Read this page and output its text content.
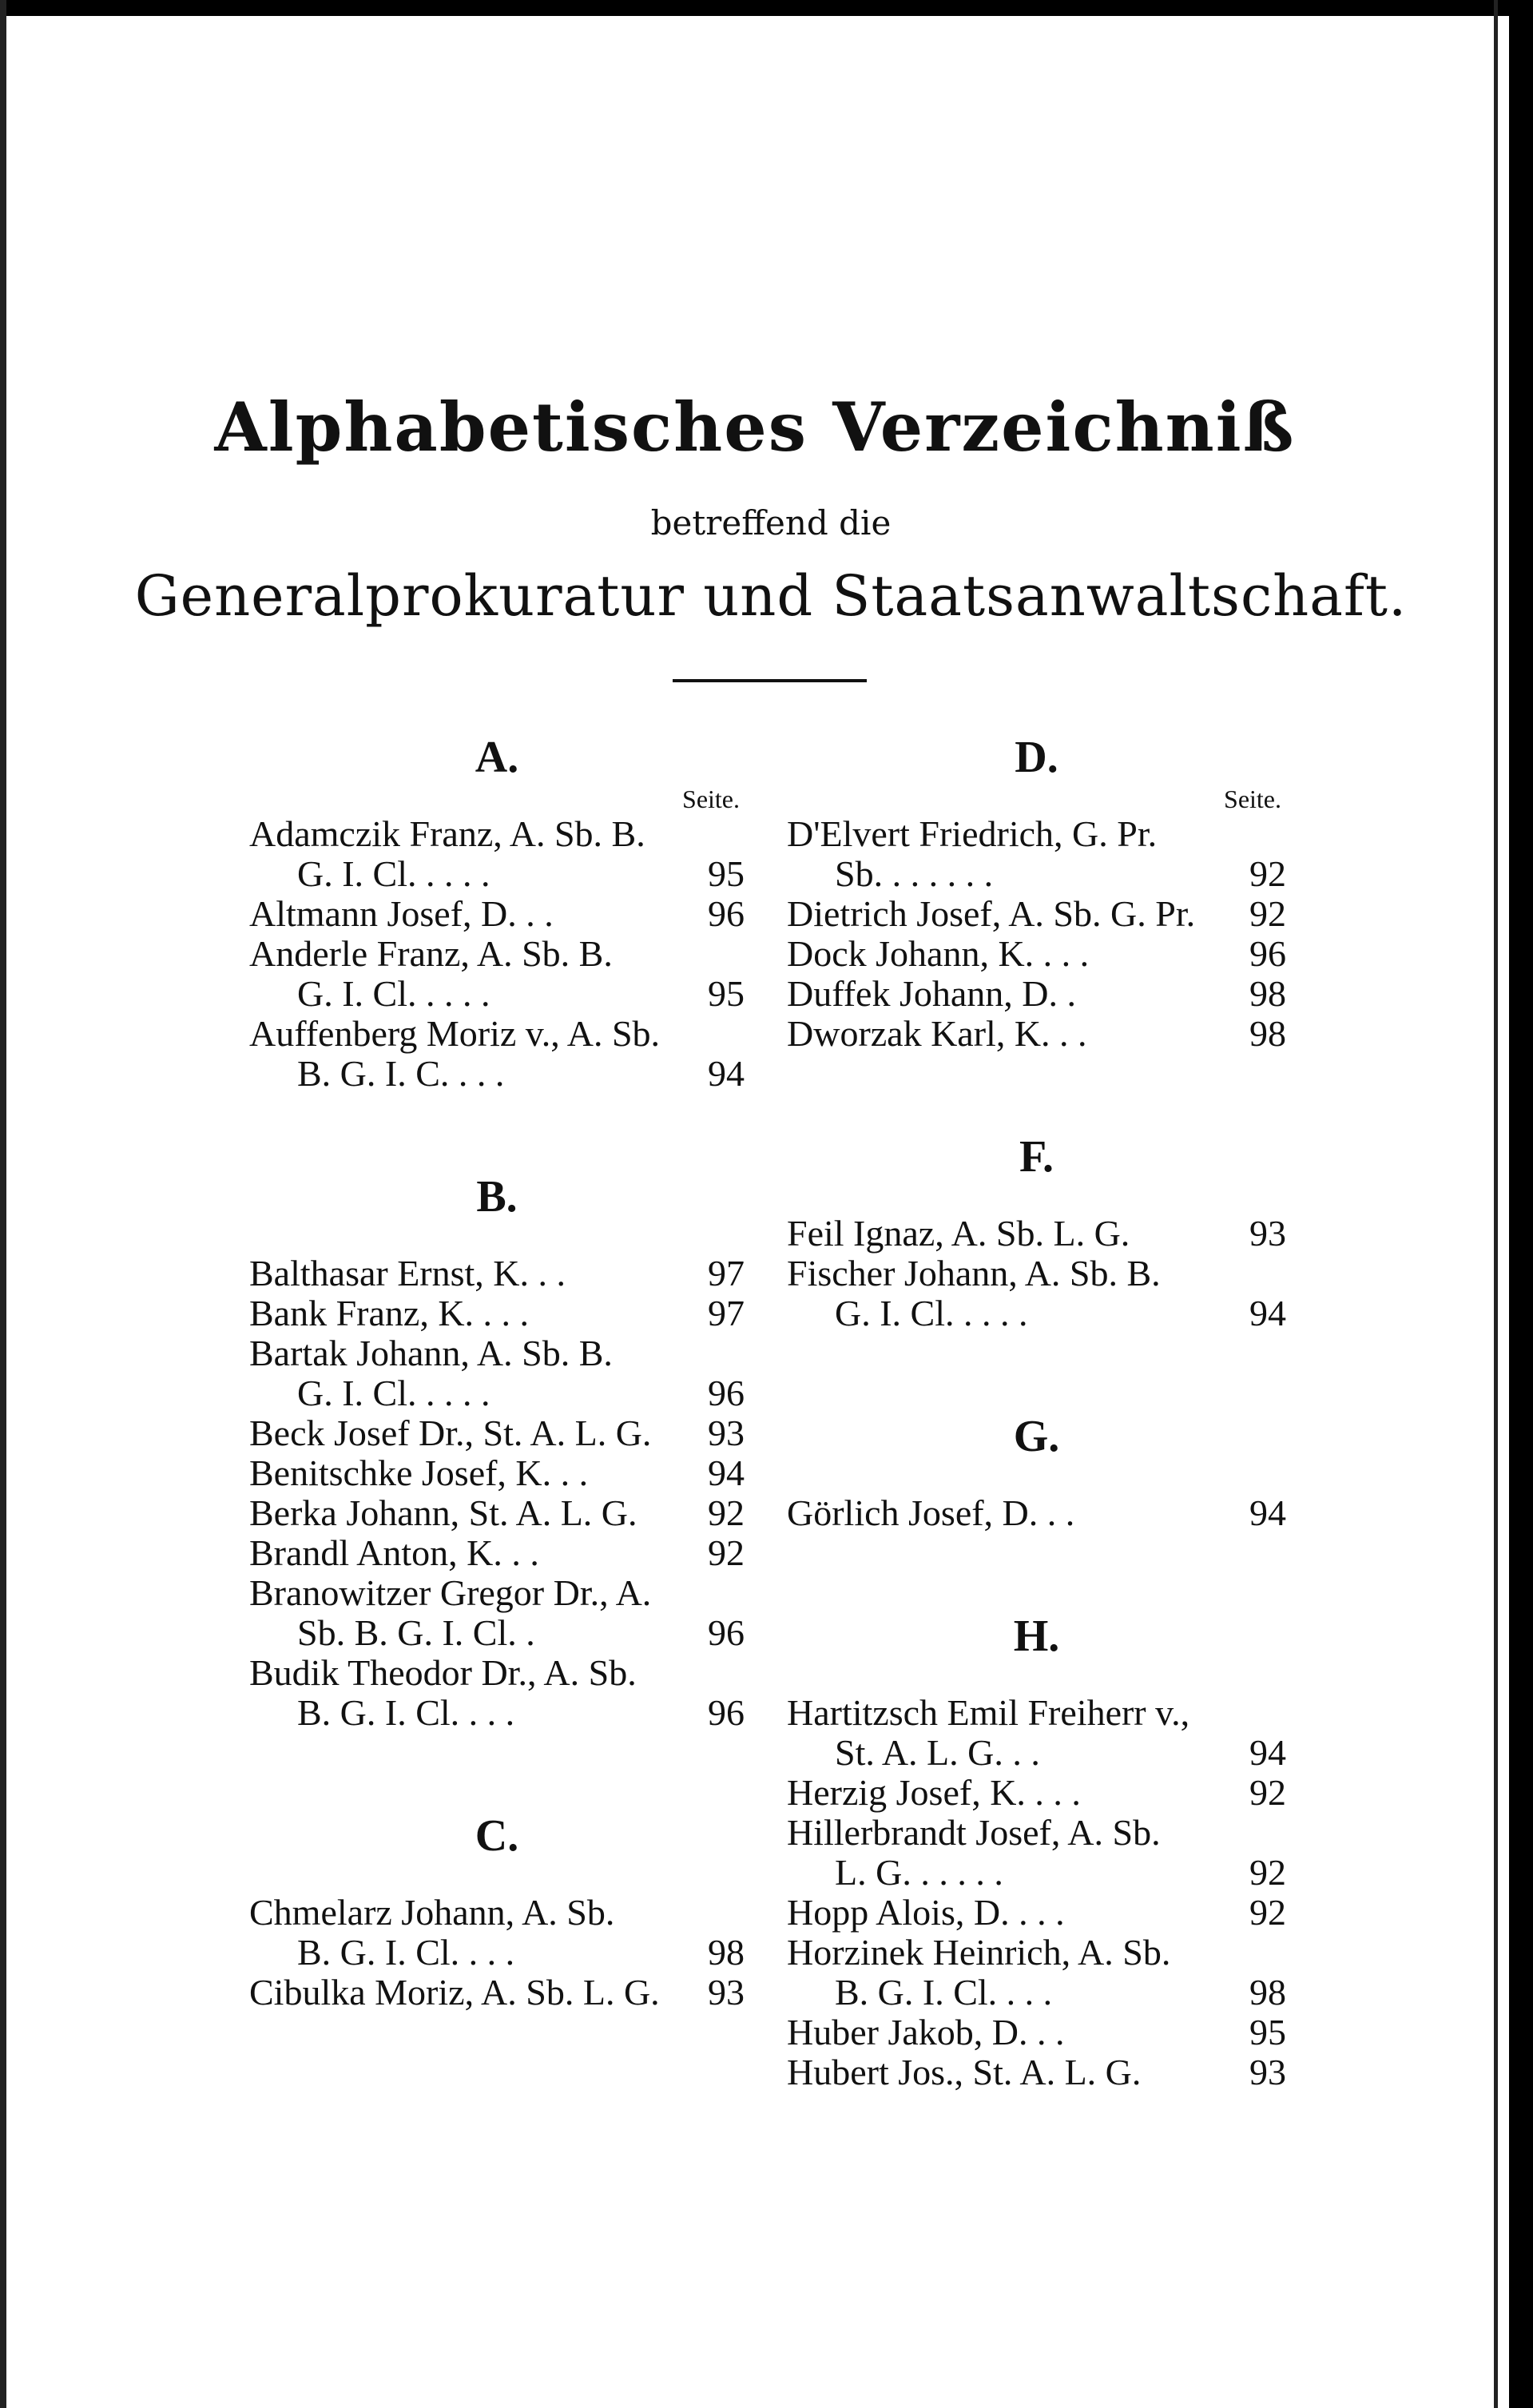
Alphabetisches Verzeichniß
betreffend die
Generalprokuratur und Staatsanwaltschaft.
A.
Seite.
Adamczik Franz, A. Sb. B.
G. I. Cl. . . . .	95
Altmann Josef, D. . .	96
Anderle Franz, A. Sb. B.
G. I. Cl. . . . .	95
Auffenberg Moriz v., A. Sb.
B. G. I. C. . . .	94
B.
Balthasar Ernst, K. . .	97
Bank Franz, K. . . .	97
Bartak Johann, A. Sb. B.
G. I. Cl. . . . .	96
Beck Josef Dr., St. A. L. G. 93
Benitschke Josef, K. . .	94
Berka Johann, St. A. L. G. 92
Brandl Anton, K. . .	92
Branowitzer Gregor Dr., A.
Sb. B. G. I. Cl. .	96
Budik Theodor Dr., A. Sb.
B. G. I. Cl. . . .	96
C.
Chmelarz Johann, A. Sb.
B. G. I. Cl. . . .	98
Cibulka Moriz, A. Sb. L. G. 93
D.
Seite.
D'Elvert Friedrich, G. Pr.
Sb. . . . . . .	92
Dietrich Josef, A. Sb. G. Pr. 92
Dock Johann, K. . . .	96
Duffek Johann, D. .	98
Dworzak Karl, K. . .	98
F.
Feil Ignaz, A. Sb. L. G.	93
Fischer Johann, A. Sb. B.
G. I. Cl. . . . .	94
G.
Görlich Josef, D. . .	94
H.
Hartitzsch Emil Freiherr v.,
St. A. L. G. . .	94
Herzig Josef, K. . . .	92
Hillerbrandt Josef, A. Sb.
L. G. . . . . .	92
Hopp Alois, D. . . .	92
Horzinek Heinrich, A. Sb.
B. G. I. Cl. . . .	98
Huber Jakob, D. . .	95
Hubert Jos., St. A. L. G.	93
